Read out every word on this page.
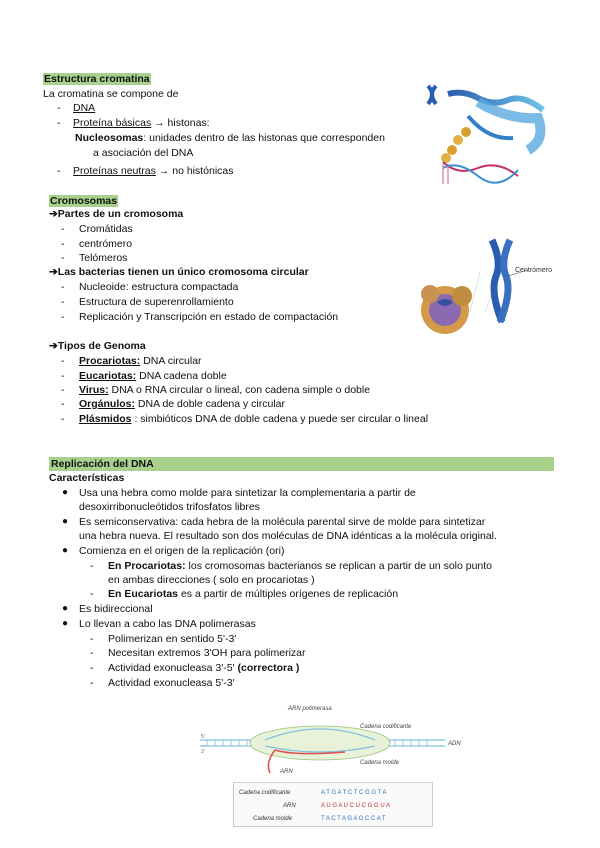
Estructura cromatina
La cromatina se compone de
- DNA
- Proteína básicas → histonas:
Nucleosomas: unidades dentro de las histonas que corresponden
a asociación del DNA
- Proteínas neutras → no histónicas
Cromosomas
➔Partes de un cromosoma
- Cromátidas
- centrómero
- Telómeros
➔Las bacterias tienen un único cromosoma circular
- Nucleoide: estructura compactada
- Estructura de superenrollamiento
- Replicación y Transcripción en estado de compactación
Centrómero
➔Tipos de Genoma
- Procariotas: DNA circular
- Eucariotas: DNA cadena doble
- Virus: DNA o RNA circular o lineal, con cadena simple o doble
- Orgánulos: DNA de doble cadena y circular
- Plásmidos : simbióticos DNA de doble cadena y puede ser circular o lineal
Replicación del DNA
Características
● Usa una hebra como molde para sintetizar la complementaria a partir de
desoxirribonucleótidos trifosfatos libres
● Es semiconservativa: cada hebra de la molécula parental sirve de molde para sintetizar
una hebra nueva. El resultado son dos moléculas de DNA idénticas a la molécula original.
● Comienza en el origen de la replicación (ori)
- En Procariotas: los cromosomas bacterianos se replican a partir de un solo punto
en ambas direcciones ( solo en procariotas )
- En Eucariotas es a partir de múltiples orígenes de replicación
● Es bidireccional
● Lo llevan a cabo las DNA polimerasas
- Polimerizan en sentido 5'-3'
- Necesitan extremos 3'OH para polimerizar
- Actividad exonucleasa 3'-5' (correctora )
- Actividad exonucleasa 5'-3'
ARN polimerasa
Cadena codificante
ADN
Cadena molde
ARN
5'
3'
Cadena codificante	A T G A T C T C G G T A
ARN	A U G A U C U C G G U A
Cadena molde	T A C T A G A G C C A T
